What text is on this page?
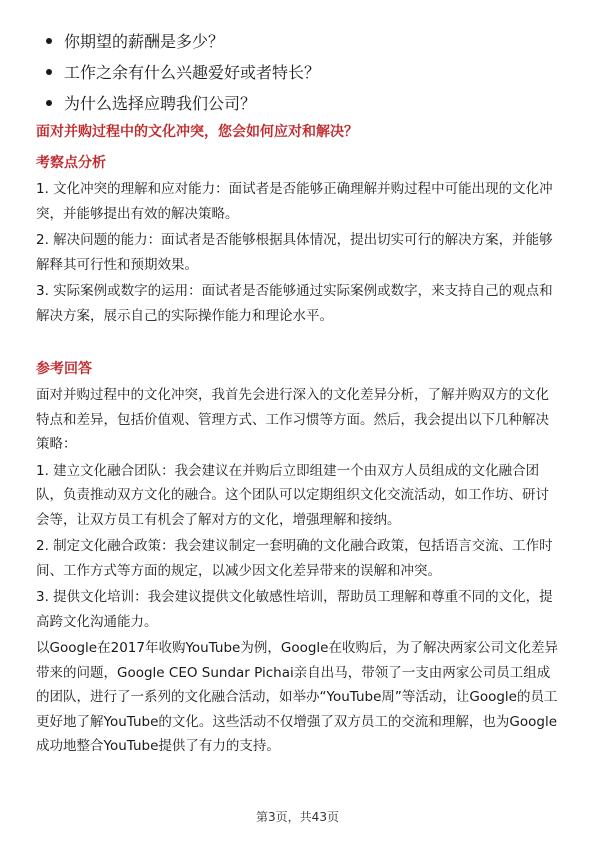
你期望的薪酬是多少？
工作之余有什么兴趣爱好或者特长？
为什么选择应聘我们公司？
面对并购过程中的文化冲突，您会如何应对和解决？
考察点分析

1. 文化冲突的理解和应对能力：面试者是否能够正确理解并购过程中可能出现的文化冲突，并能够提出有效的解决策略。

2. 解决问题的能力：面试者是否能够根据具体情况，提出切实可行的解决方案，并能够解释其可行性和预期效果。

3. 实际案例或数字的运用：面试者是否能够通过实际案例或数字，来支持自己的观点和解决方案，展示自己的实际操作能力和理论水平。

参考回答

面对并购过程中的文化冲突，我首先会进行深入的文化差异分析，了解并购双方的文化特点和差异，包括价值观、管理方式、工作习惯等方面。然后，我会提出以下几种解决策略：

1. 建立文化融合团队：我会建议在并购后立即组建一个由双方人员组成的文化融合团队，负责推动双方文化的融合。这个团队可以定期组织文化交流活动，如工作坊、研讨会等，让双方员工有机会了解对方的文化，增强理解和接纳。

2. 制定文化融合政策：我会建议制定一套明确的文化融合政策，包括语言交流、工作时间、工作方式等方面的规定，以减少因文化差异带来的误解和冲突。

3. 提供文化培训：我会建议提供文化敏感性培训，帮助员工理解和尊重不同的文化，提高跨文化沟通能力。

以Google在2017年收购YouTube为例，Google在收购后，为了解决两家公司文化差异带来的问题，Google CEO Sundar Pichai亲自出马，带领了一支由两家公司员工组成的团队，进行了一系列的文化融合活动，如举办“YouTube周”等活动，让Google的员工更好地了解YouTube的文化。这些活动不仅增强了双方员工的交流和理解，也为Google成功地整合YouTube提供了有力的支持。

第3页，共43页
